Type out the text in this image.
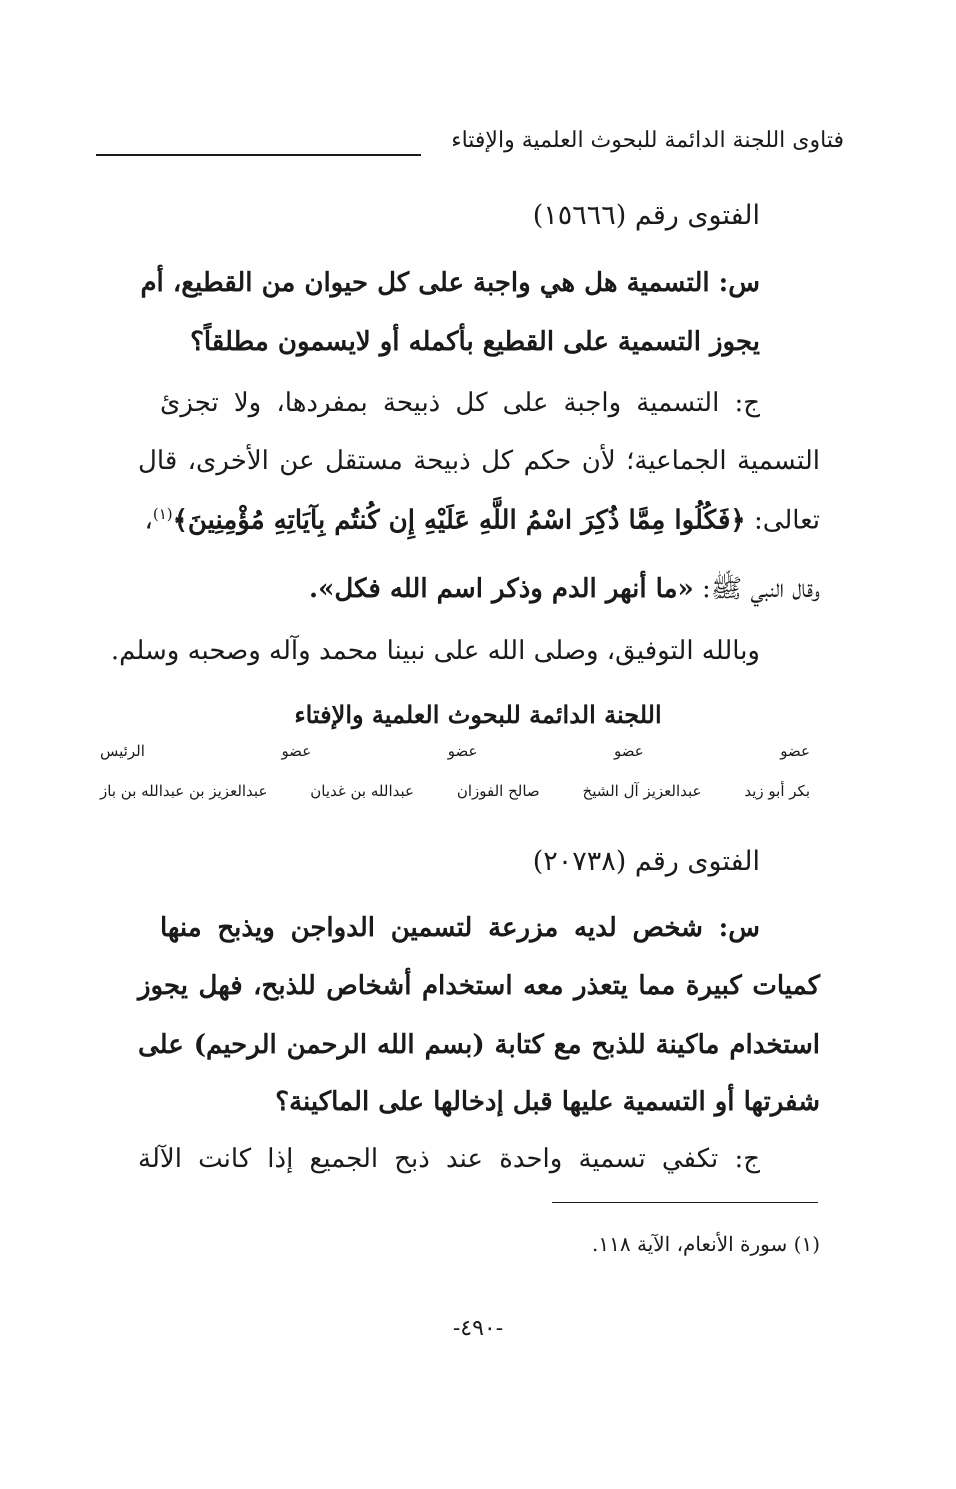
فتاوى اللجنة الدائمة للبحوث العلمية والإفتاء
الفتوى رقم (١٥٦٦٦)
س: التسمية هل هي واجبة على كل حيوان من القطيع، أم
يجوز التسمية على القطيع بأكمله أو لايسمون مطلقاً؟
ج: التسمية واجبة على كل ذبيحة بمفردها، ولا تجزئ
التسمية الجماعية؛ لأن حكم كل ذبيحة مستقل عن الأخرى، قال
تعالى: ﴿فَكُلُوا مِمَّا ذُكِرَ اسْمُ اللَّهِ عَلَيْهِ إِن كُنتُم بِآيَاتِهِ مُؤْمِنِينَ﴾$^{(١)}$،
وقال النبي ﷺ: «ما أنهر الدم وذكر اسم الله فكل».
وبالله التوفيق، وصلى الله على نبينا محمد وآله وصحبه وسلم.
اللجنة الدائمة للبحوث العلمية والإفتاء
الرئيس	عضو	عضو	عضو	عضو
عبدالعزيز بن عبدالله بن باز	عبدالله بن غديان	صالح الفوزان	عبدالعزيز آل الشيخ	بكر أبو زيد
الفتوى رقم (٢٠٧٣٨)
س: شخص لديه مزرعة لتسمين الدواجن ويذبح منها
كميات كبيرة مما يتعذر معه استخدام أشخاص للذبح، فهل يجوز
استخدام ماكينة للذبح مع كتابة (بسم الله الرحمن الرحيم) على
شفرتها أو التسمية عليها قبل إدخالها على الماكينة؟
ج: تكفي تسمية واحدة عند ذبح الجميع إذا كانت الآلة
(١) سورة الأنعام، الآية ١١٨.
-٤٩٠-
